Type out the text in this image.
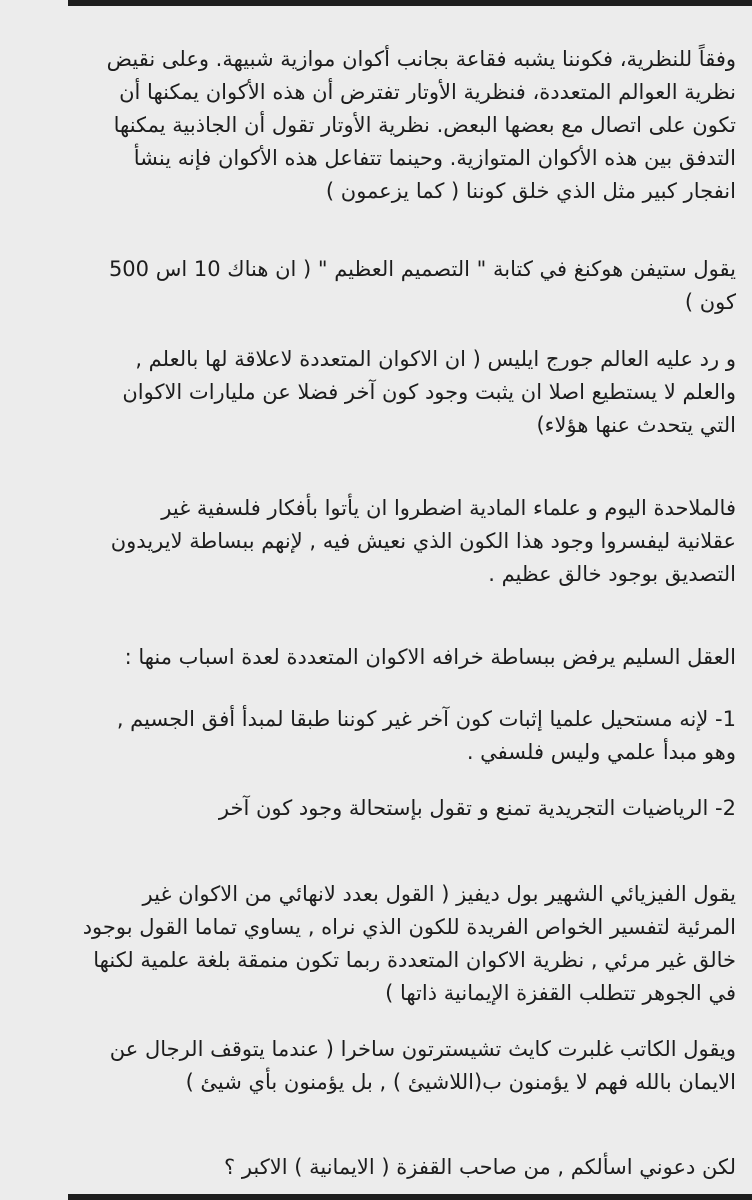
وفقاً للنظرية، فكوننا يشبه فقاعة بجانب أكوان موازية شبيهة. وعلى نقيض
نظرية العوالم المتعددة، فنظرية الأوتار تفترض أن هذه الأكوان يمكنها أن
تكون على اتصال مع بعضها البعض. نظرية الأوتار تقول أن الجاذبية يمكنها
التدفق بين هذه الأكوان المتوازية. وحينما تتفاعل هذه الأكوان فإنه ينشأ
انفجار كبير مثل الذي خلق كوننا ( كما يزعمون )
يقول ستيفن هوكنغ في كتابة " التصميم العظيم " ( ان هناك 10 اس 500
كون )
و رد عليه العالم جورج ايليس ( ان الاكوان المتعددة لاعلاقة لها بالعلم ,
والعلم لا يستطيع اصلا ان يثبت وجود كون آخر فضلا عن مليارات الاكوان
التي يتحدث عنها هؤلاء)
فالملاحدة اليوم و علماء المادية اضطروا ان يأتوا بأفكار فلسفية غير
عقلانية ليفسروا وجود هذا الكون الذي نعيش فيه , لإنهم ببساطة لايريدون
التصديق بوجود خالق عظيم .
العقل السليم يرفض ببساطة خرافه الاكوان المتعددة لعدة اسباب منها :
1- لإنه مستحيل علميا إثبات كون آخر غير كوننا طبقا لمبدأ أفق الجسيم ,
وهو مبدأ علمي وليس فلسفي .
2- الرياضيات التجريدية تمنع و تقول بإستحالة وجود كون آخر
يقول الفيزيائي الشهير بول ديفيز ( القول بعدد لانهائي من الاكوان غير
المرئية لتفسير الخواص الفريدة للكون الذي نراه , يساوي تماما القول بوجود
خالق غير مرئي , نظرية الاكوان المتعددة ربما تكون منمقة بلغة علمية لكنها
في الجوهر تتطلب القفزة الإيمانية ذاتها )
ويقول الكاتب غلبرت كايث تشيسترتون ساخرا ( عندما يتوقف الرجال عن
الايمان بالله فهم لا يؤمنون ب(اللاشيئ ) , بل يؤمنون بأي شيئ )
لكن دعوني اسألكم , من صاحب القفزة ( الايمانية ) الاكبر ؟
